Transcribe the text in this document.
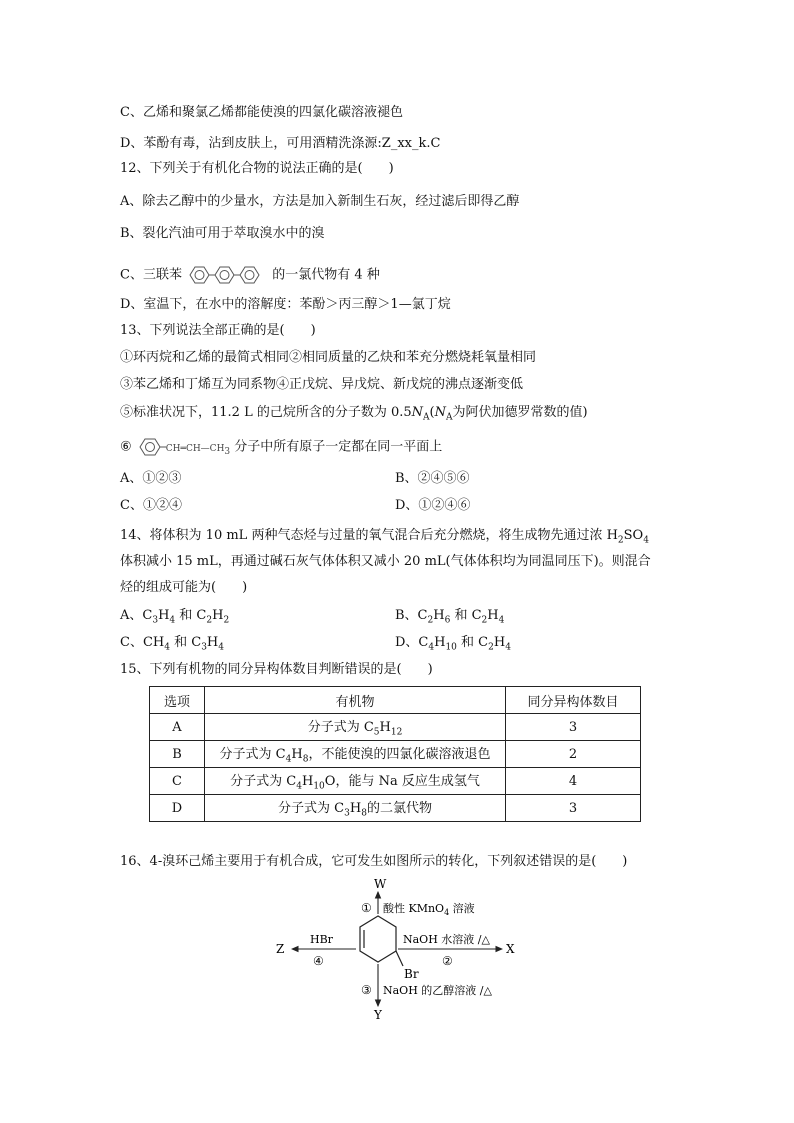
C、乙烯和聚氯乙烯都能使溴的四氯化碳溶液褪色
D、苯酚有毒，沾到皮肤上，可用酒精洗涤源:Z_xx_k.C
12、下列关于有机化合物的说法正确的是(　　)
A、除去乙醇中的少量水，方法是加入新制生石灰，经过滤后即得乙醇
B、裂化汽油可用于萃取溴水中的溴
C、三联苯	的一氯代物有 4 种
D、室温下，在水中的溶解度：苯酚＞丙三醇＞1—氯丁烷
13、下列说法全部正确的是(　　)
①环丙烷和乙烯的最简式相同②相同质量的乙炔和苯充分燃烧耗氧量相同
③苯乙烯和丁烯互为同系物④正戊烷、异戊烷、新戊烷的沸点逐渐变低
⑤标准状况下，11.2 L 的己烷所含的分子数为 $0.5N_A(N_A$为阿伏加德罗常数的值)
⑥	$CH═CH—CH_3$ 分子中所有原子一定都在同一平面上
A、①②③	B、②④⑤⑥
C、①②④	D、①②④⑥
14、将体积为 10 mL 两种气态烃与过量的氧气混合后充分燃烧，将生成物先通过浓 $H_2SO_4$
体积减小 15 mL，再通过碱石灰气体体积又减小 20 mL(气体体积均为同温同压下)。则混合
烃的组成可能为(　　)
A、$C_3H_4$ 和 $C_2H_2$	B、$C_2H_6$ 和 $C_2H_4$
C、$CH_4$ 和 $C_3H_4$	D、$C_4H_{10}$ 和 $C_2H_4$
15、下列有机物的同分异构体数目判断错误的是(　　)
选项	有机物	同分异构体数目
A	分子式为 $C_5H_{12}$	3
B	分子式为 $C_4H_8$，不能使溴的四氯化碳溶液退色	2
C	分子式为 $C_4H_{10}O$，能与 Na 反应生成氢气	4
D	分子式为 $C_3H_8$的二氯代物	3
16、4-溴环己烯主要用于有机合成，它可发生如图所示的转化，下列叙述错误的是(　　)
Br
W
① 酸性 KMnO$_4$ 溶液
X
NaOH 水溶液 /△
②
Z
HBr
④
Y
③ NaOH 的乙醇溶液 /△
